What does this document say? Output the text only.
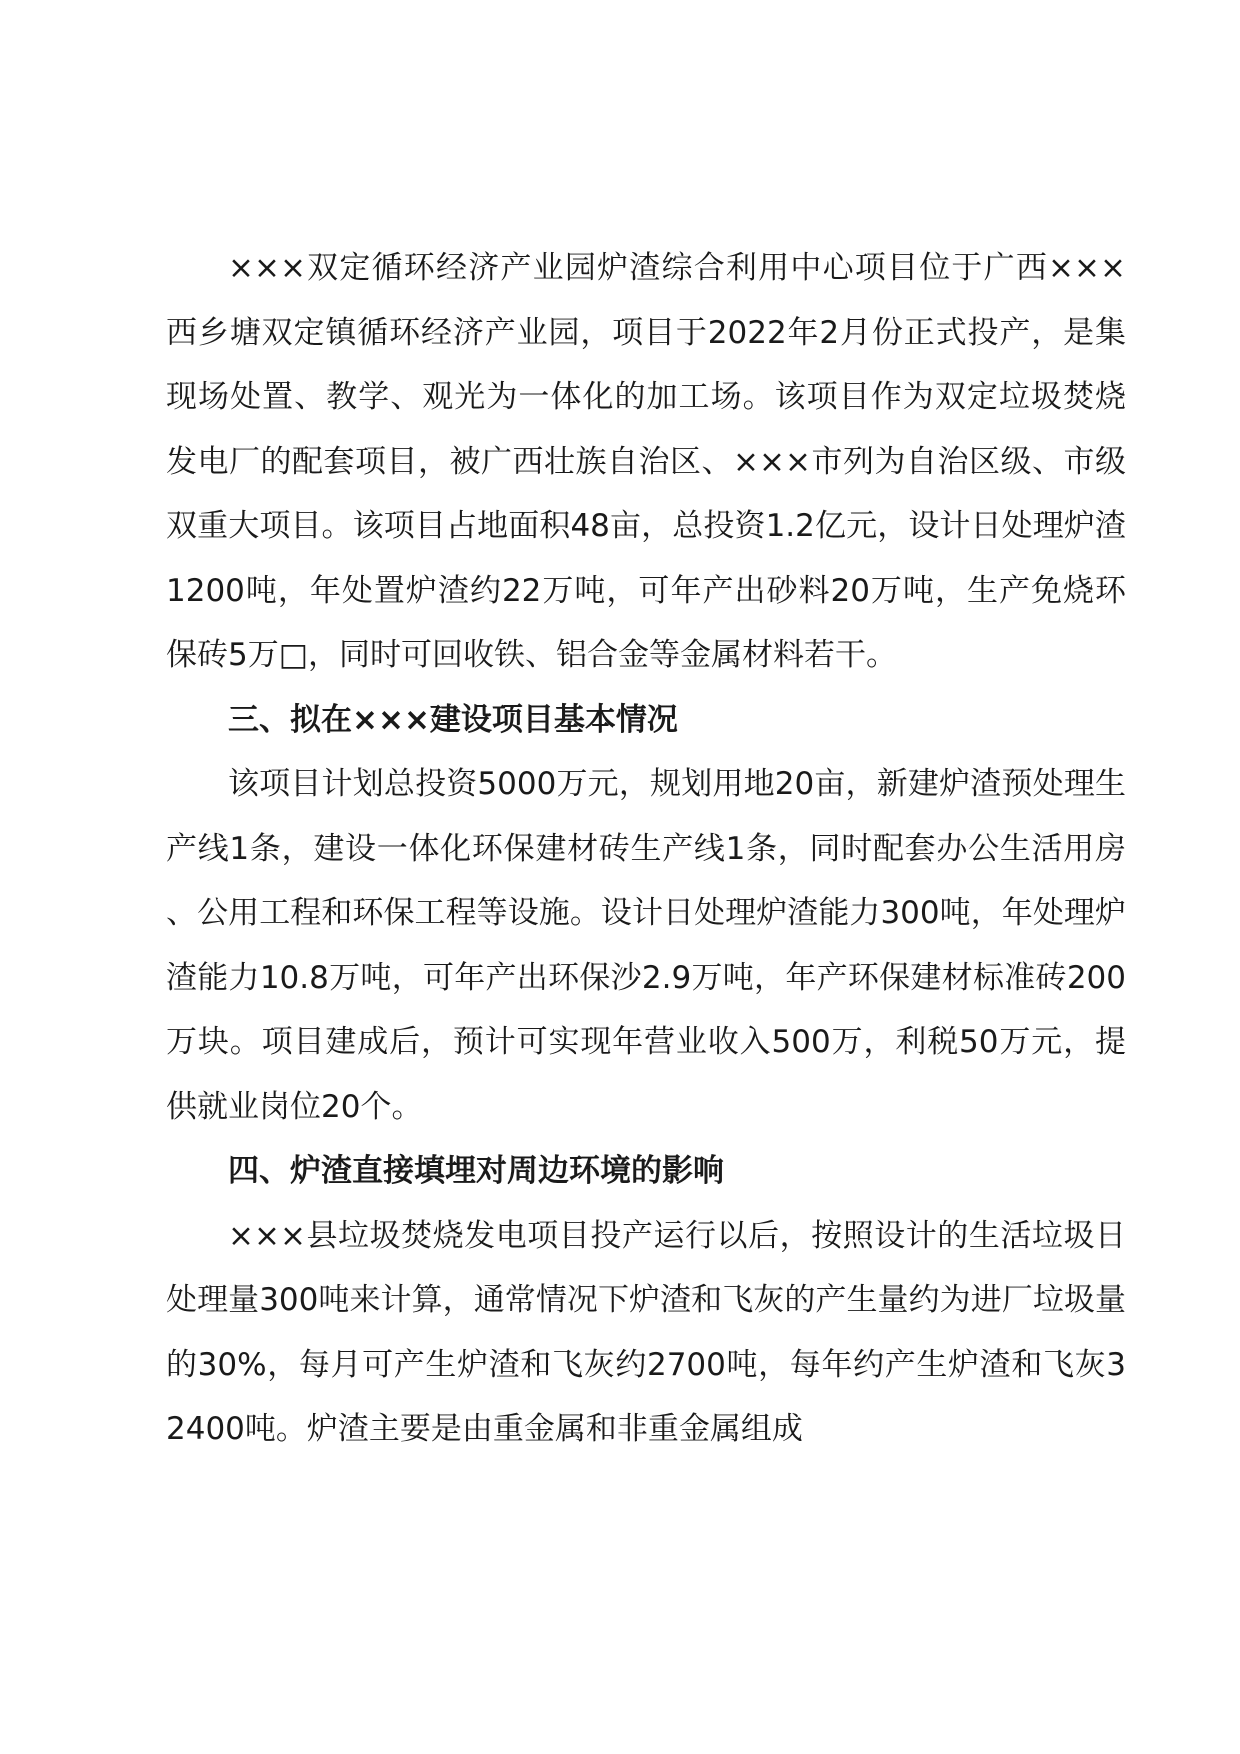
×××双定循环经济产业园炉渣综合利用中心项目位于广西×××西乡塘双定镇循环经济产业园，项目于2022年2月份正式投产，是集现场处置、教学、观光为一体化的加工场。该项目作为双定垃圾焚烧发电厂的配套项目，被广西壮族自治区、×××市列为自治区级、市级双重大项目。该项目占地面积48亩，总投资1.2亿元，设计日处理炉渣1200吨，年处置炉渣约22万吨，可年产出砂料20万吨，生产免烧环保砖5万□，同时可回收铁、铝合金等金属材料若干。

三、拟在×××建设项目基本情况

该项目计划总投资5000万元，规划用地20亩，新建炉渣预处理生产线1条，建设一体化环保建材砖生产线1条，同时配套办公生活用房、公用工程和环保工程等设施。设计日处理炉渣能力300吨，年处理炉渣能力10.8万吨，可年产出环保沙2.9万吨，年产环保建材标准砖200万块。项目建成后，预计可实现年营业收入500万，利税50万元，提供就业岗位20个。

四、炉渣直接填埋对周边环境的影响

×××县垃圾焚烧发电项目投产运行以后，按照设计的生活垃圾日处理量300吨来计算，通常情况下炉渣和飞灰的产生量约为进厂垃圾量的30%，每月可产生炉渣和飞灰约2700吨，每年约产生炉渣和飞灰32400吨。炉渣主要是由重金属和非重金属组成
